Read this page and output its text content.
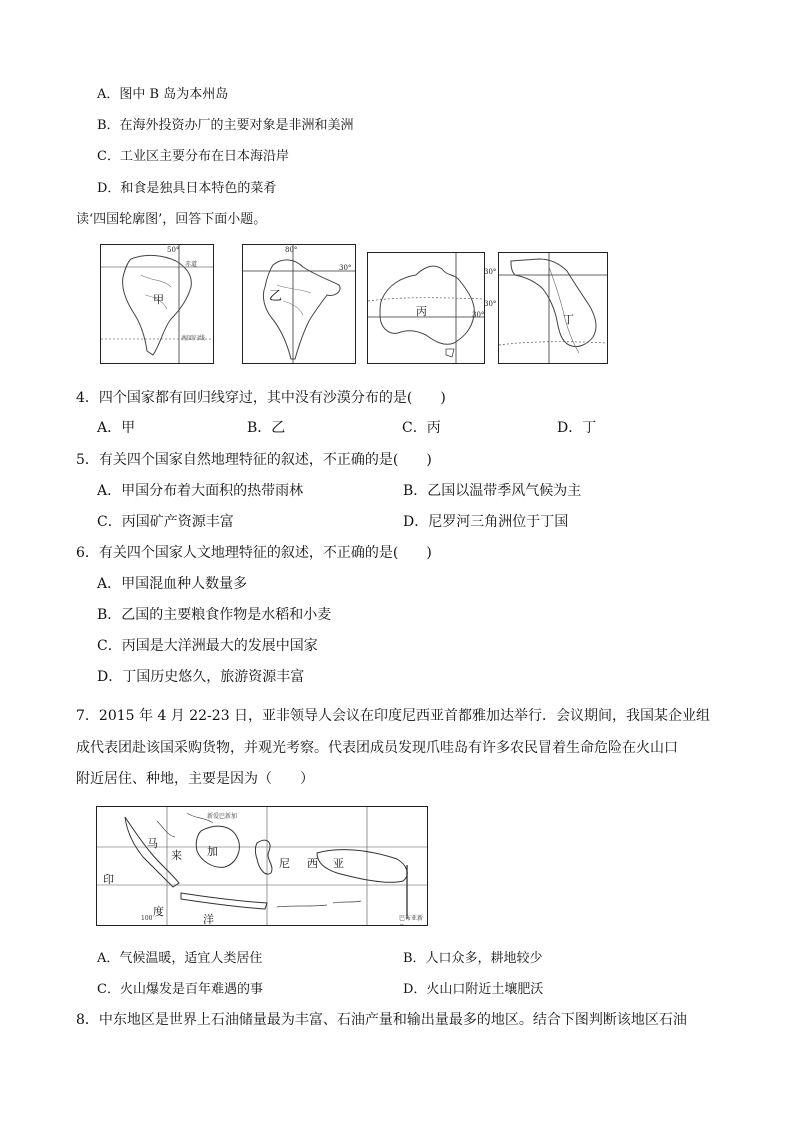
A．图中 B 岛为本州岛
B．在海外投资办厂的主要对象是非洲和美洲
C．工业区主要分布在日本海沿岸
D．和食是独具日本特色的菜肴
读‘四国轮廓图’，回答下面小题。
50°
赤道
南回归线
甲
80°
30°
乙
30°
丙
丁
30°
30°
4．四个国家都有回归线穿过，其中没有沙漠分布的是(　　)
A．甲	B．乙	C．丙	D．丁
5．有关四个国家自然地理特征的叙述，不正确的是(　　)
A．甲国分布着大面积的热带雨林	B．乙国以温带季风气候为主
C．丙国矿产资源丰富	D．尼罗河三角洲位于丁国
6．有关四个国家人文地理特征的叙述，不正确的是(　　)
A．甲国混血种人数量多
B．乙国的主要粮食作物是水稻和小麦
C．丙国是大洋洲最大的发展中国家
D．丁国历史悠久，旅游资源丰富
7．2015 年 4 月 22-23 日，亚非领导人会议在印度尼西亚首都雅加达举行．会议期间，我国某企业组
成代表团赴该国采购货物，并观光考察。代表团成员发现爪哇岛有许多农民冒着生命危险在火山口
附近居住、种地，主要是因为（　　）
马
来 加
尼 西 亚
印
度
洋
新爱巴新加
100	巴布亚新
A．气候温暖，适宜人类居住	B．人口众多，耕地较少
C．火山爆发是百年难遇的事	D．火山口附近土壤肥沃
8．中东地区是世界上石油储量最为丰富、石油产量和输出量最多的地区。结合下图判断该地区石油
